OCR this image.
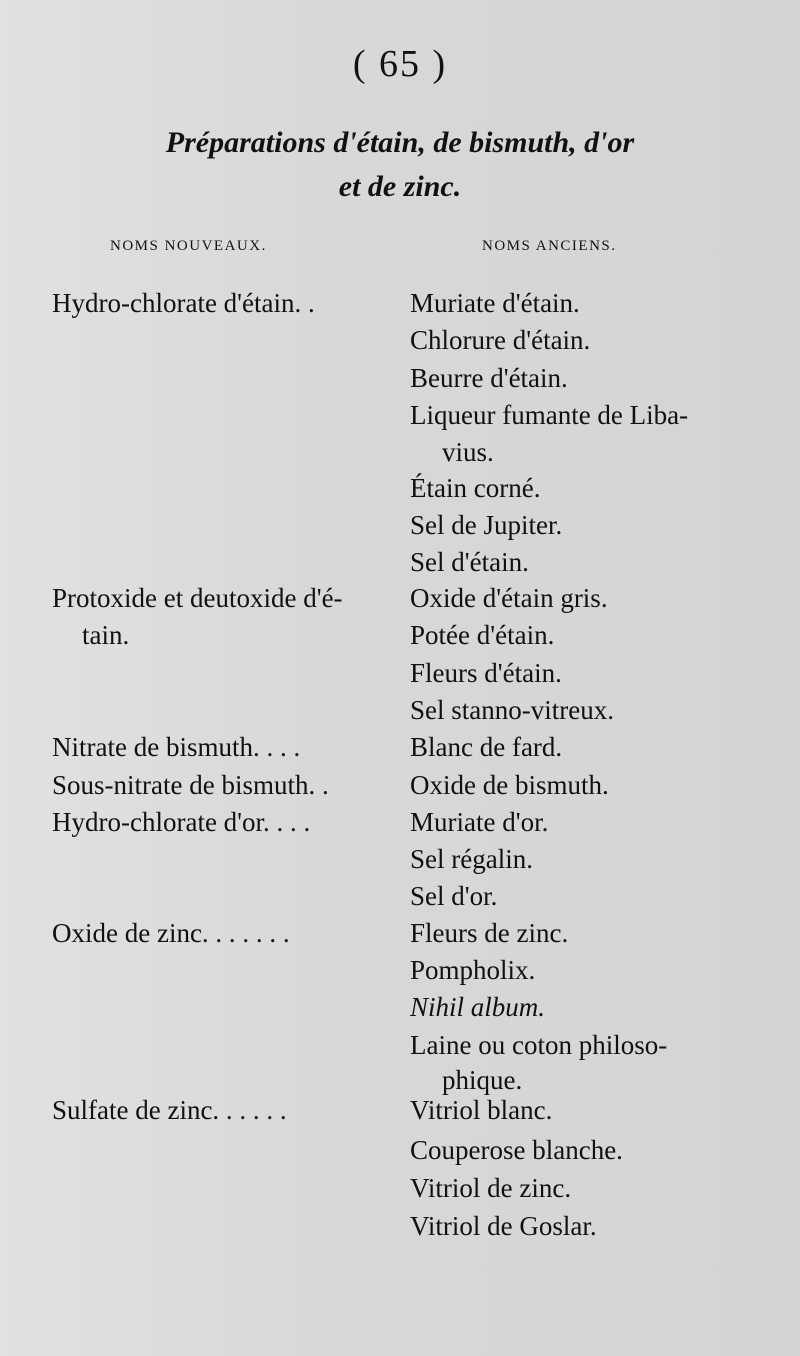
( 65 )
Préparations d'étain, de bismuth, d'or
et de zinc.
NOMS NOUVEAUX.	NOMS ANCIENS.
Hydro-chlorate d'étain. .
Protoxide et deutoxide d'é-
tain.
Nitrate de bismuth. . . .
Sous-nitrate de bismuth. .
Hydro-chlorate d'or. . . .
Oxide de zinc. . . . . . .
Sulfate de zinc. . . . . .
Muriate d'étain.
Chlorure d'étain.
Beurre d'étain.
Liqueur fumante de Liba-
vius.
Étain corné.
Sel de Jupiter.
Sel d'étain.
Oxide d'étain gris.
Potée d'étain.
Fleurs d'étain.
Sel stanno-vitreux.
Blanc de fard.
Oxide de bismuth.
Muriate d'or.
Sel régalin.
Sel d'or.
Fleurs de zinc.
Pompholix.
Nihil album.
Laine ou coton philoso-
phique.
Vitriol blanc.
Couperose blanche.
Vitriol de zinc.
Vitriol de Goslar.
